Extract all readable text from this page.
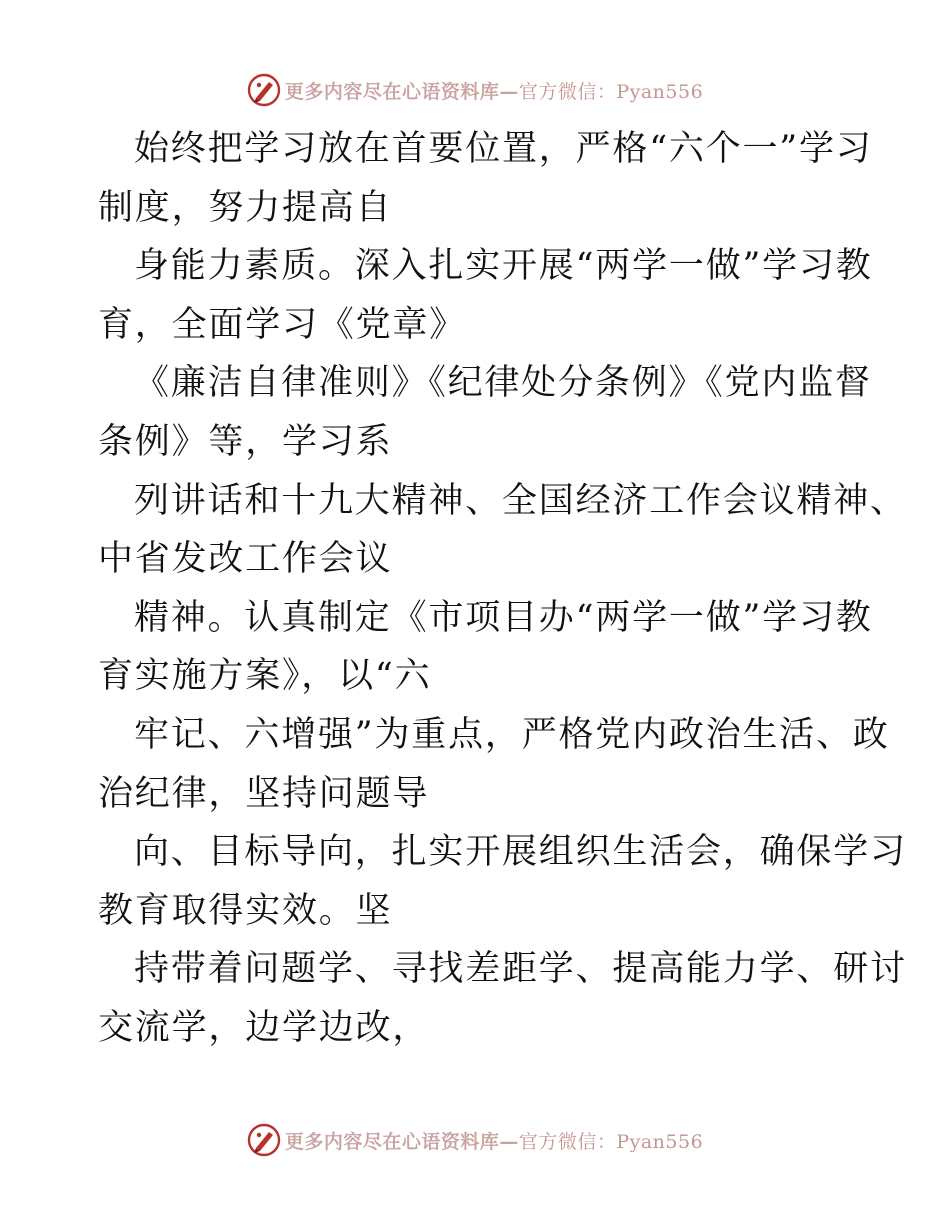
更多内容尽在心语资料库—官方微信：Pyan556
始终把学习放在首要位置，严格“六个一”学习
制度，努力提高自
身能力素质。深入扎实开展“两学一做”学习教
育，全面学习《党章》
《廉洁自律准则》《纪律处分条例》《党内监督
条例》等，学习系
列讲话和十九大精神、全国经济工作会议精神、
中省发改工作会议
精神。认真制定《市项目办“两学一做”学习教
育实施方案》，以“六
牢记、六增强”为重点，严格党内政治生活、政
治纪律，坚持问题导
向、目标导向，扎实开展组织生活会，确保学习
教育取得实效。坚
持带着问题学、寻找差距学、提高能力学、研讨
交流学，边学边改，
更多内容尽在心语资料库—官方微信：Pyan556
